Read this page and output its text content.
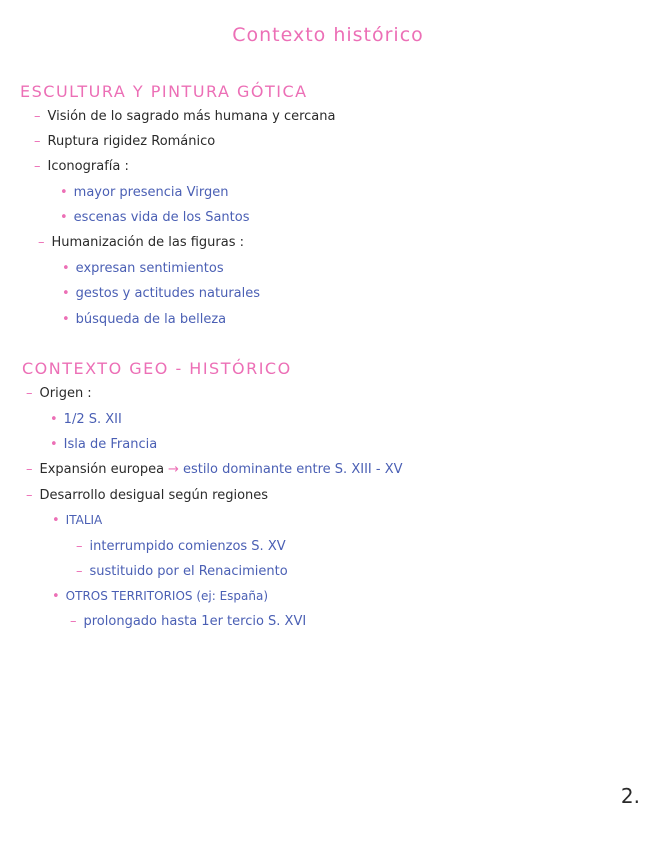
Contexto histórico
ESCULTURA Y PINTURA GÓTICA
– Visión de lo sagrado más humana y cercana
– Ruptura rigidez Románico
– Iconografía :
• mayor presencia Virgen
• escenas vida de los Santos
– Humanización de las figuras :
• expresan sentimientos
• gestos y actitudes naturales
• búsqueda de la belleza
CONTEXTO GEO - HISTÓRICO
– Origen :
• 1/2 S. XII
• Isla de Francia
– Expansión europea → estilo dominante entre S. XIII - XV
– Desarrollo desigual según regiones
• ITALIA
– interrumpido comienzos S. XV
– sustituido por el Renacimiento
• OTROS TERRITORIOS (ej: España)
– prolongado hasta 1er tercio S. XVI
2.
